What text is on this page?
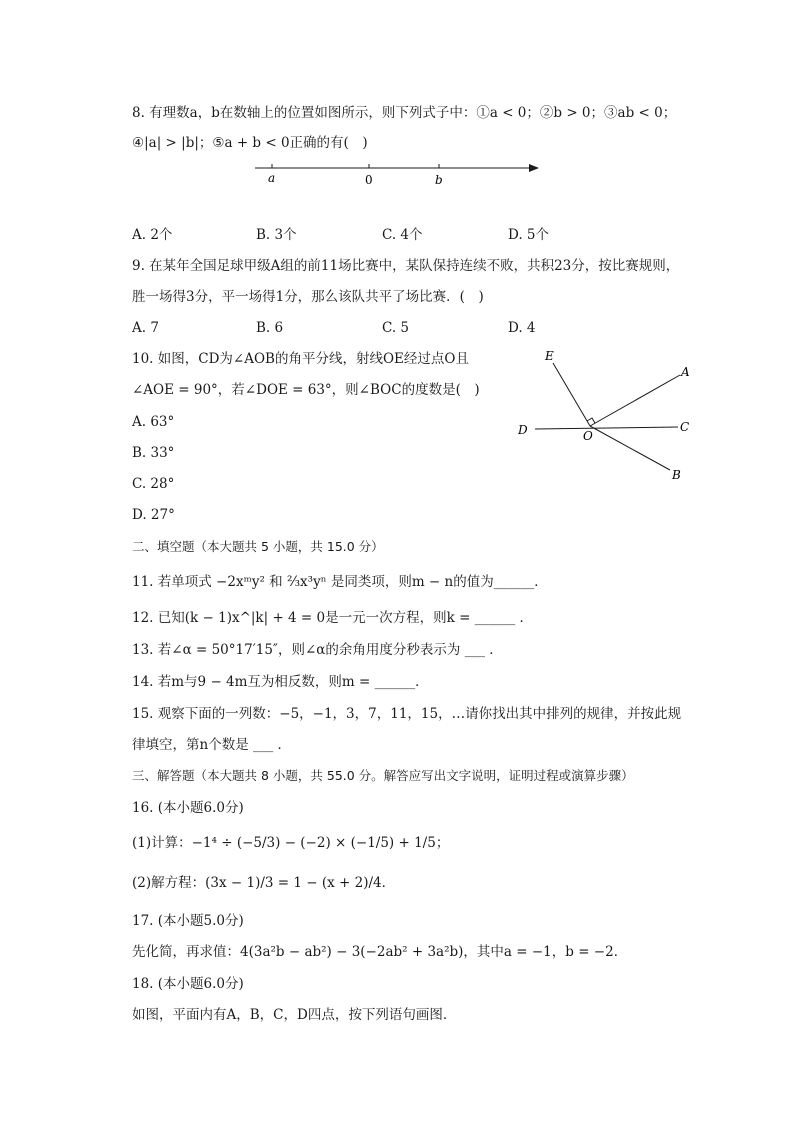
8. 有理数a，b在数轴上的位置如图所示，则下列式子中：①a < 0；②b > 0；③ab < 0；
④|a| > |b|；⑤a + b < 0正确的有(　)
a	0	b
A. 2个	B. 3个	C. 4个	D. 5个
9. 在某年全国足球甲级A组的前11场比赛中，某队保持连续不败，共积23分，按比赛规则，
胜一场得3分，平一场得1分，那么该队共平了场比赛．(　)
A. 7	B. 6	C. 5	D. 4
10. 如图，CD为∠AOB的角平分线，射线OE经过点O且
∠AOE = 90°，若∠DOE = 63°，则∠BOC的度数是(　)
A. 63°
B. 33°
C. 28°
D. 27°
E
A
D	O
C
B
二、填空题（本大题共 5 小题，共 15.0 分）
11. 若单项式 −2xᵐy² 和 ⅔x³yⁿ 是同类项，则m − n的值为______．
12. 已知(k − 1)x^|k| + 4 = 0是一元一次方程，则k = ______ ．
13. 若∠α = 50°17′15″，则∠α的余角用度分秒表示为 ___ ．
14. 若m与9 − 4m互为相反数，则m = ______．
15. 观察下面的一列数：−5，−1，3，7，11，15，…请你找出其中排列的规律，并按此规
律填空，第n个数是 ___ ．
三、解答题（本大题共 8 小题，共 55.0 分。解答应写出文字说明，证明过程或演算步骤）
16. (本小题6.0分)
(1)计算：−1⁴ ÷ (−5/3) − (−2) × (−1/5) + 1/5；
(2)解方程：(3x − 1)/3 = 1 − (x + 2)/4．
17. (本小题5.0分)
先化简，再求值：4(3a²b − ab²) − 3(−2ab² + 3a²b)，其中a = −1，b = −2．
18. (本小题6.0分)
如图，平面内有A，B，C，D四点，按下列语句画图．
